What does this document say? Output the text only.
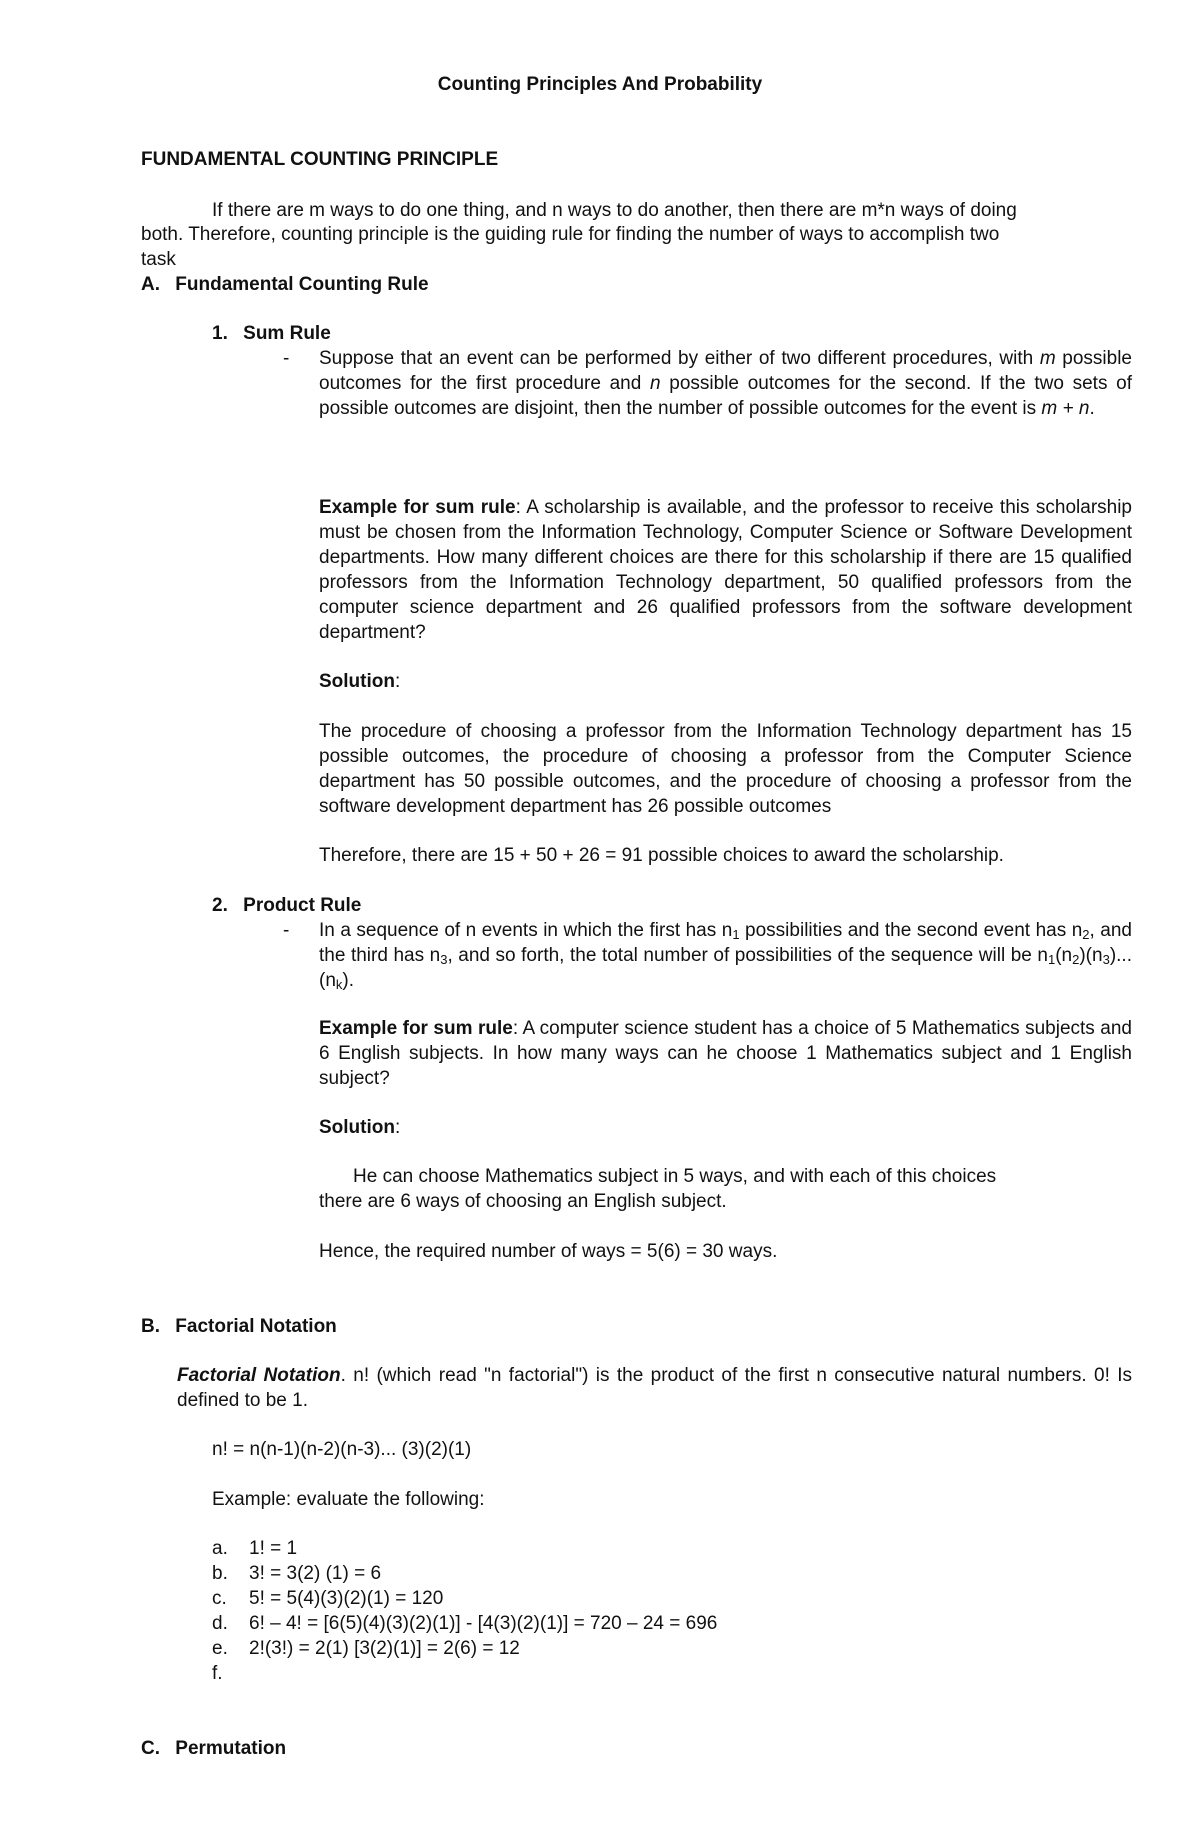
Counting Principles And Probability
FUNDAMENTAL COUNTING PRINCIPLE
If there are m ways to do one thing, and n ways to do another, then there are m*n ways of doing
both. Therefore, counting principle is the guiding rule for finding the number of ways to accomplish two
task
A. Fundamental Counting Rule
1. Sum Rule
- Suppose that an event can be performed by either of two different procedures, with m possible outcomes for the first procedure and n possible outcomes for the second. If the two sets of possible outcomes are disjoint, then the number of possible outcomes for the event is m + n.
Example for sum rule: A scholarship is available, and the professor to receive this scholarship must be chosen from the Information Technology, Computer Science or Software Development departments. How many different choices are there for this scholarship if there are 15 qualified professors from the Information Technology department, 50 qualified professors from the computer science department and 26 qualified professors from the software development department?
Solution:
The procedure of choosing a professor from the Information Technology department has 15 possible outcomes, the procedure of choosing a professor from the Computer Science department has 50 possible outcomes, and the procedure of choosing a professor from the software development department has 26 possible outcomes
Therefore, there are 15 + 50 + 26 = 91 possible choices to award the scholarship.
2. Product Rule
- In a sequence of n events in which the first has $n_1$ possibilities and the second event has $n_2$, and the third has $n_3$, and so forth, the total number of possibilities of the sequence will be $n_1(n_2)(n_3)...(n_k)$.
Example for sum rule: A computer science student has a choice of 5 Mathematics subjects and 6 English subjects. In how many ways can he choose 1 Mathematics subject and 1 English subject?
Solution:
He can choose Mathematics subject in 5 ways, and with each of this choices
there are 6 ways of choosing an English subject.
Hence, the required number of ways = 5(6) = 30 ways.
B. Factorial Notation
Factorial Notation. n! (which read "n factorial") is the product of the first n consecutive natural numbers. 0! Is defined to be 1.
n! = n(n-1)(n-2)(n-3)... (3)(2)(1)
Example: evaluate the following:
a. 1! = 1
b. 3! = 3(2) (1) = 6
c. 5! = 5(4)(3)(2)(1) = 120
d. 6! – 4! = [6(5)(4)(3)(2)(1)] - [4(3)(2)(1)] = 720 – 24 = 696
e. 2!(3!) = 2(1) [3(2)(1)] = 2(6) = 12
f.
C. Permutation
